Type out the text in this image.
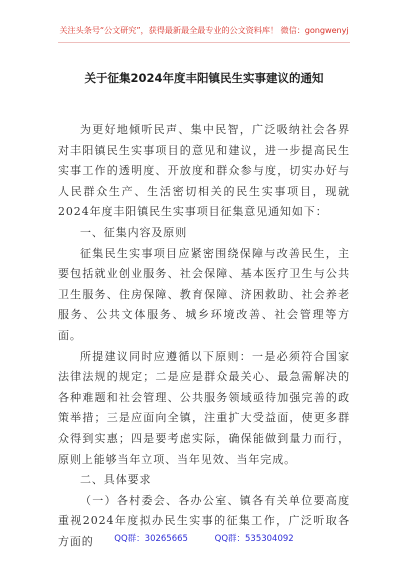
关注头条号“公文研究”，获得最新最全最专业的公文资料库！ 微信：gongwenyj
关于征集2024年度丰阳镇民生实事建议的通知

为更好地倾听民声、集中民智，广泛吸纳社会各界对丰阳镇民生实事项目的意见和建议，进一步提高民生实事工作的透明度、开放度和群众参与度，切实办好与人民群众生产、生活密切相关的民生实事项目，现就2024年度丰阳镇民生实事项目征集意见通知如下：

一、征集内容及原则

征集民生实事项目应紧密围绕保障与改善民生，主要包括就业创业服务、社会保障、基本医疗卫生与公共卫生服务、住房保障、教育保障、济困救助、社会养老服务、公共文体服务、城乡环境改善、社会管理等方面。

所提建议同时应遵循以下原则：一是必须符合国家法律法规的规定；二是应是群众最关心、最急需解决的各种难题和社会管理、公共服务领域亟待加强完善的政策举措；三是应面向全镇，注重扩大受益面，使更多群众得到实惠；四是要考虑实际，确保能做到量力而行，原则上能够当年立项、当年见效、当年完成。

二、具体要求

（一）各村委会、各办公室、镇各有关单位要高度重视2024年度拟办民生实事的征集工作，广泛听取各方面的	QQ群：30265665	QQ群：535304092
